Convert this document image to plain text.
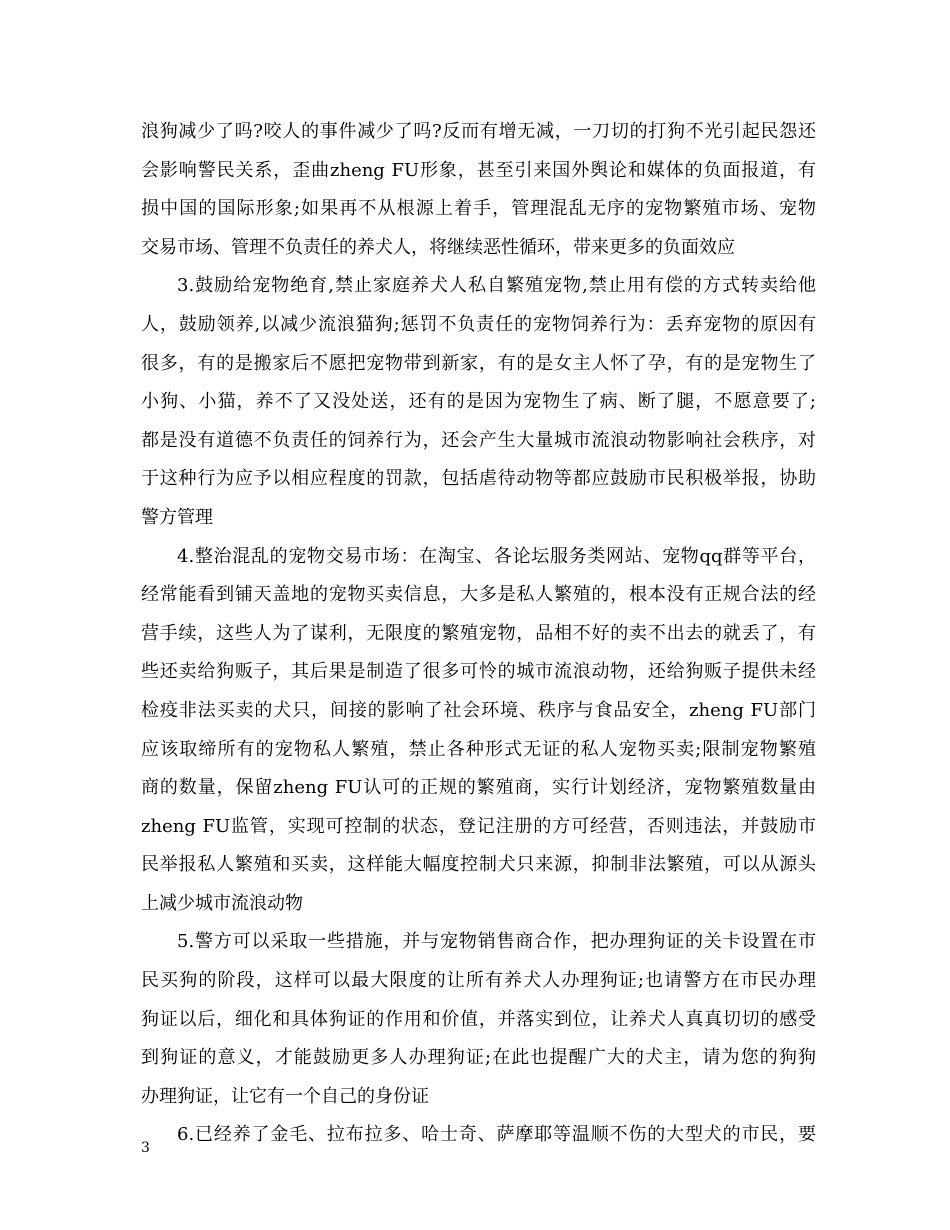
浪狗减少了吗?咬人的事件减少了吗?反而有增无减，一刀切的打狗不光引起民怨还
会影响警民关系，歪曲zheng FU形象，甚至引来国外舆论和媒体的负面报道，有
损中国的国际形象;如果再不从根源上着手，管理混乱无序的宠物繁殖市场、宠物
交易市场、管理不负责任的养犬人，将继续恶性循环，带来更多的负面效应

3.鼓励给宠物绝育,禁止家庭养犬人私自繁殖宠物,禁止用有偿的方式转卖给他
人，鼓励领养,以减少流浪猫狗;惩罚不负责任的宠物饲养行为：丢弃宠物的原因有
很多，有的是搬家后不愿把宠物带到新家，有的是女主人怀了孕，有的是宠物生了
小狗、小猫，养不了又没处送，还有的是因为宠物生了病、断了腿，不愿意要了;
都是没有道德不负责任的饲养行为，还会产生大量城市流浪动物影响社会秩序，对
于这种行为应予以相应程度的罚款，包括虐待动物等都应鼓励市民积极举报，协助
警方管理

4.整治混乱的宠物交易市场：在淘宝、各论坛服务类网站、宠物qq群等平台，
经常能看到铺天盖地的宠物买卖信息，大多是私人繁殖的，根本没有正规合法的经
营手续，这些人为了谋利，无限度的繁殖宠物，品相不好的卖不出去的就丢了，有
些还卖给狗贩子，其后果是制造了很多可怜的城市流浪动物，还给狗贩子提供未经
检疫非法买卖的犬只，间接的影响了社会环境、秩序与食品安全，zheng FU部门
应该取缔所有的宠物私人繁殖，禁止各种形式无证的私人宠物买卖;限制宠物繁殖
商的数量，保留zheng FU认可的正规的繁殖商，实行计划经济，宠物繁殖数量由
zheng FU监管，实现可控制的状态，登记注册的方可经营，否则违法，并鼓励市
民举报私人繁殖和买卖，这样能大幅度控制犬只来源，抑制非法繁殖，可以从源头
上减少城市流浪动物

5.警方可以采取一些措施，并与宠物销售商合作，把办理狗证的关卡设置在市
民买狗的阶段，这样可以最大限度的让所有养犬人办理狗证;也请警方在市民办理
狗证以后，细化和具体狗证的作用和价值，并落实到位，让养犬人真真切切的感受
到狗证的意义，才能鼓励更多人办理狗证;在此也提醒广大的犬主，请为您的狗狗
办理狗证，让它有一个自己的身份证

6.已经养了金毛、拉布拉多、哈士奇、萨摩耶等温顺不伤的大型犬的市民，要

3
